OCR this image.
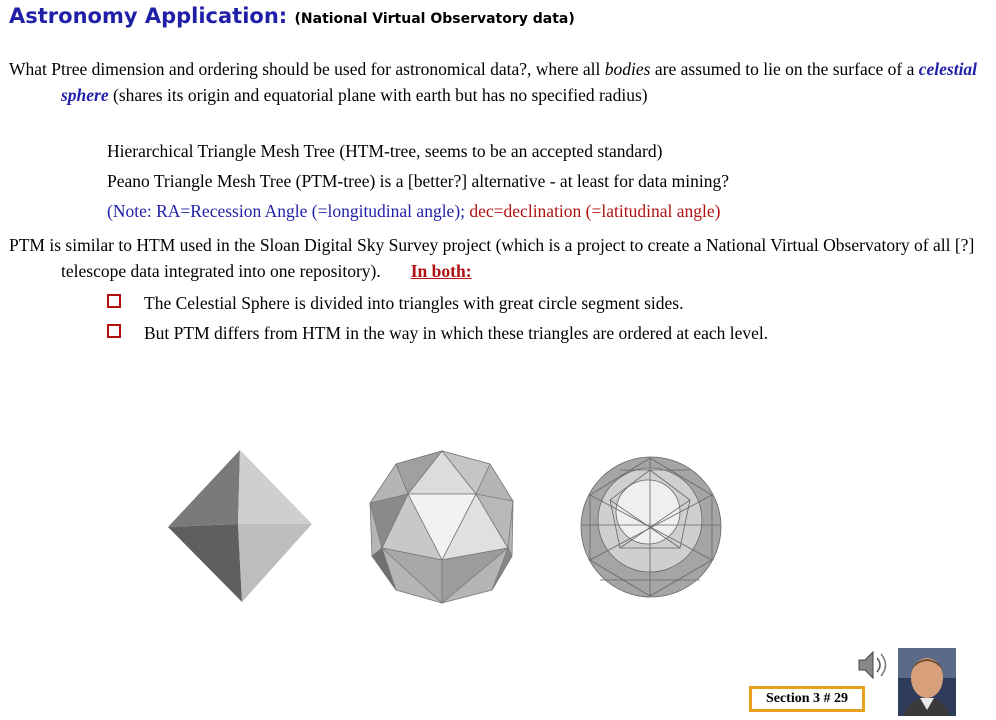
Astronomy Application: (National Virtual Observatory data)
What Ptree dimension and ordering should be used for astronomical data?, where all bodies are assumed to lie on the surface of a celestial sphere (shares its origin and equatorial plane with earth but has no specified radius)
Hierarchical Triangle Mesh Tree (HTM-tree, seems to be an accepted standard)
Peano Triangle Mesh Tree (PTM-tree) is a [better?] alternative - at least for data mining?
(Note: RA=Recession Angle (=longitudinal angle); dec=declination (=latitudinal angle)
PTM is similar to HTM used in the Sloan Digital Sky Survey project (which is a project to create a National Virtual Observatory of all [?] telescope data integrated into one repository). In both:
The Celestial Sphere is divided into triangles with great circle segment sides.
But PTM differs from HTM in the way in which these triangles are ordered at each level.
Section 3 # 29
